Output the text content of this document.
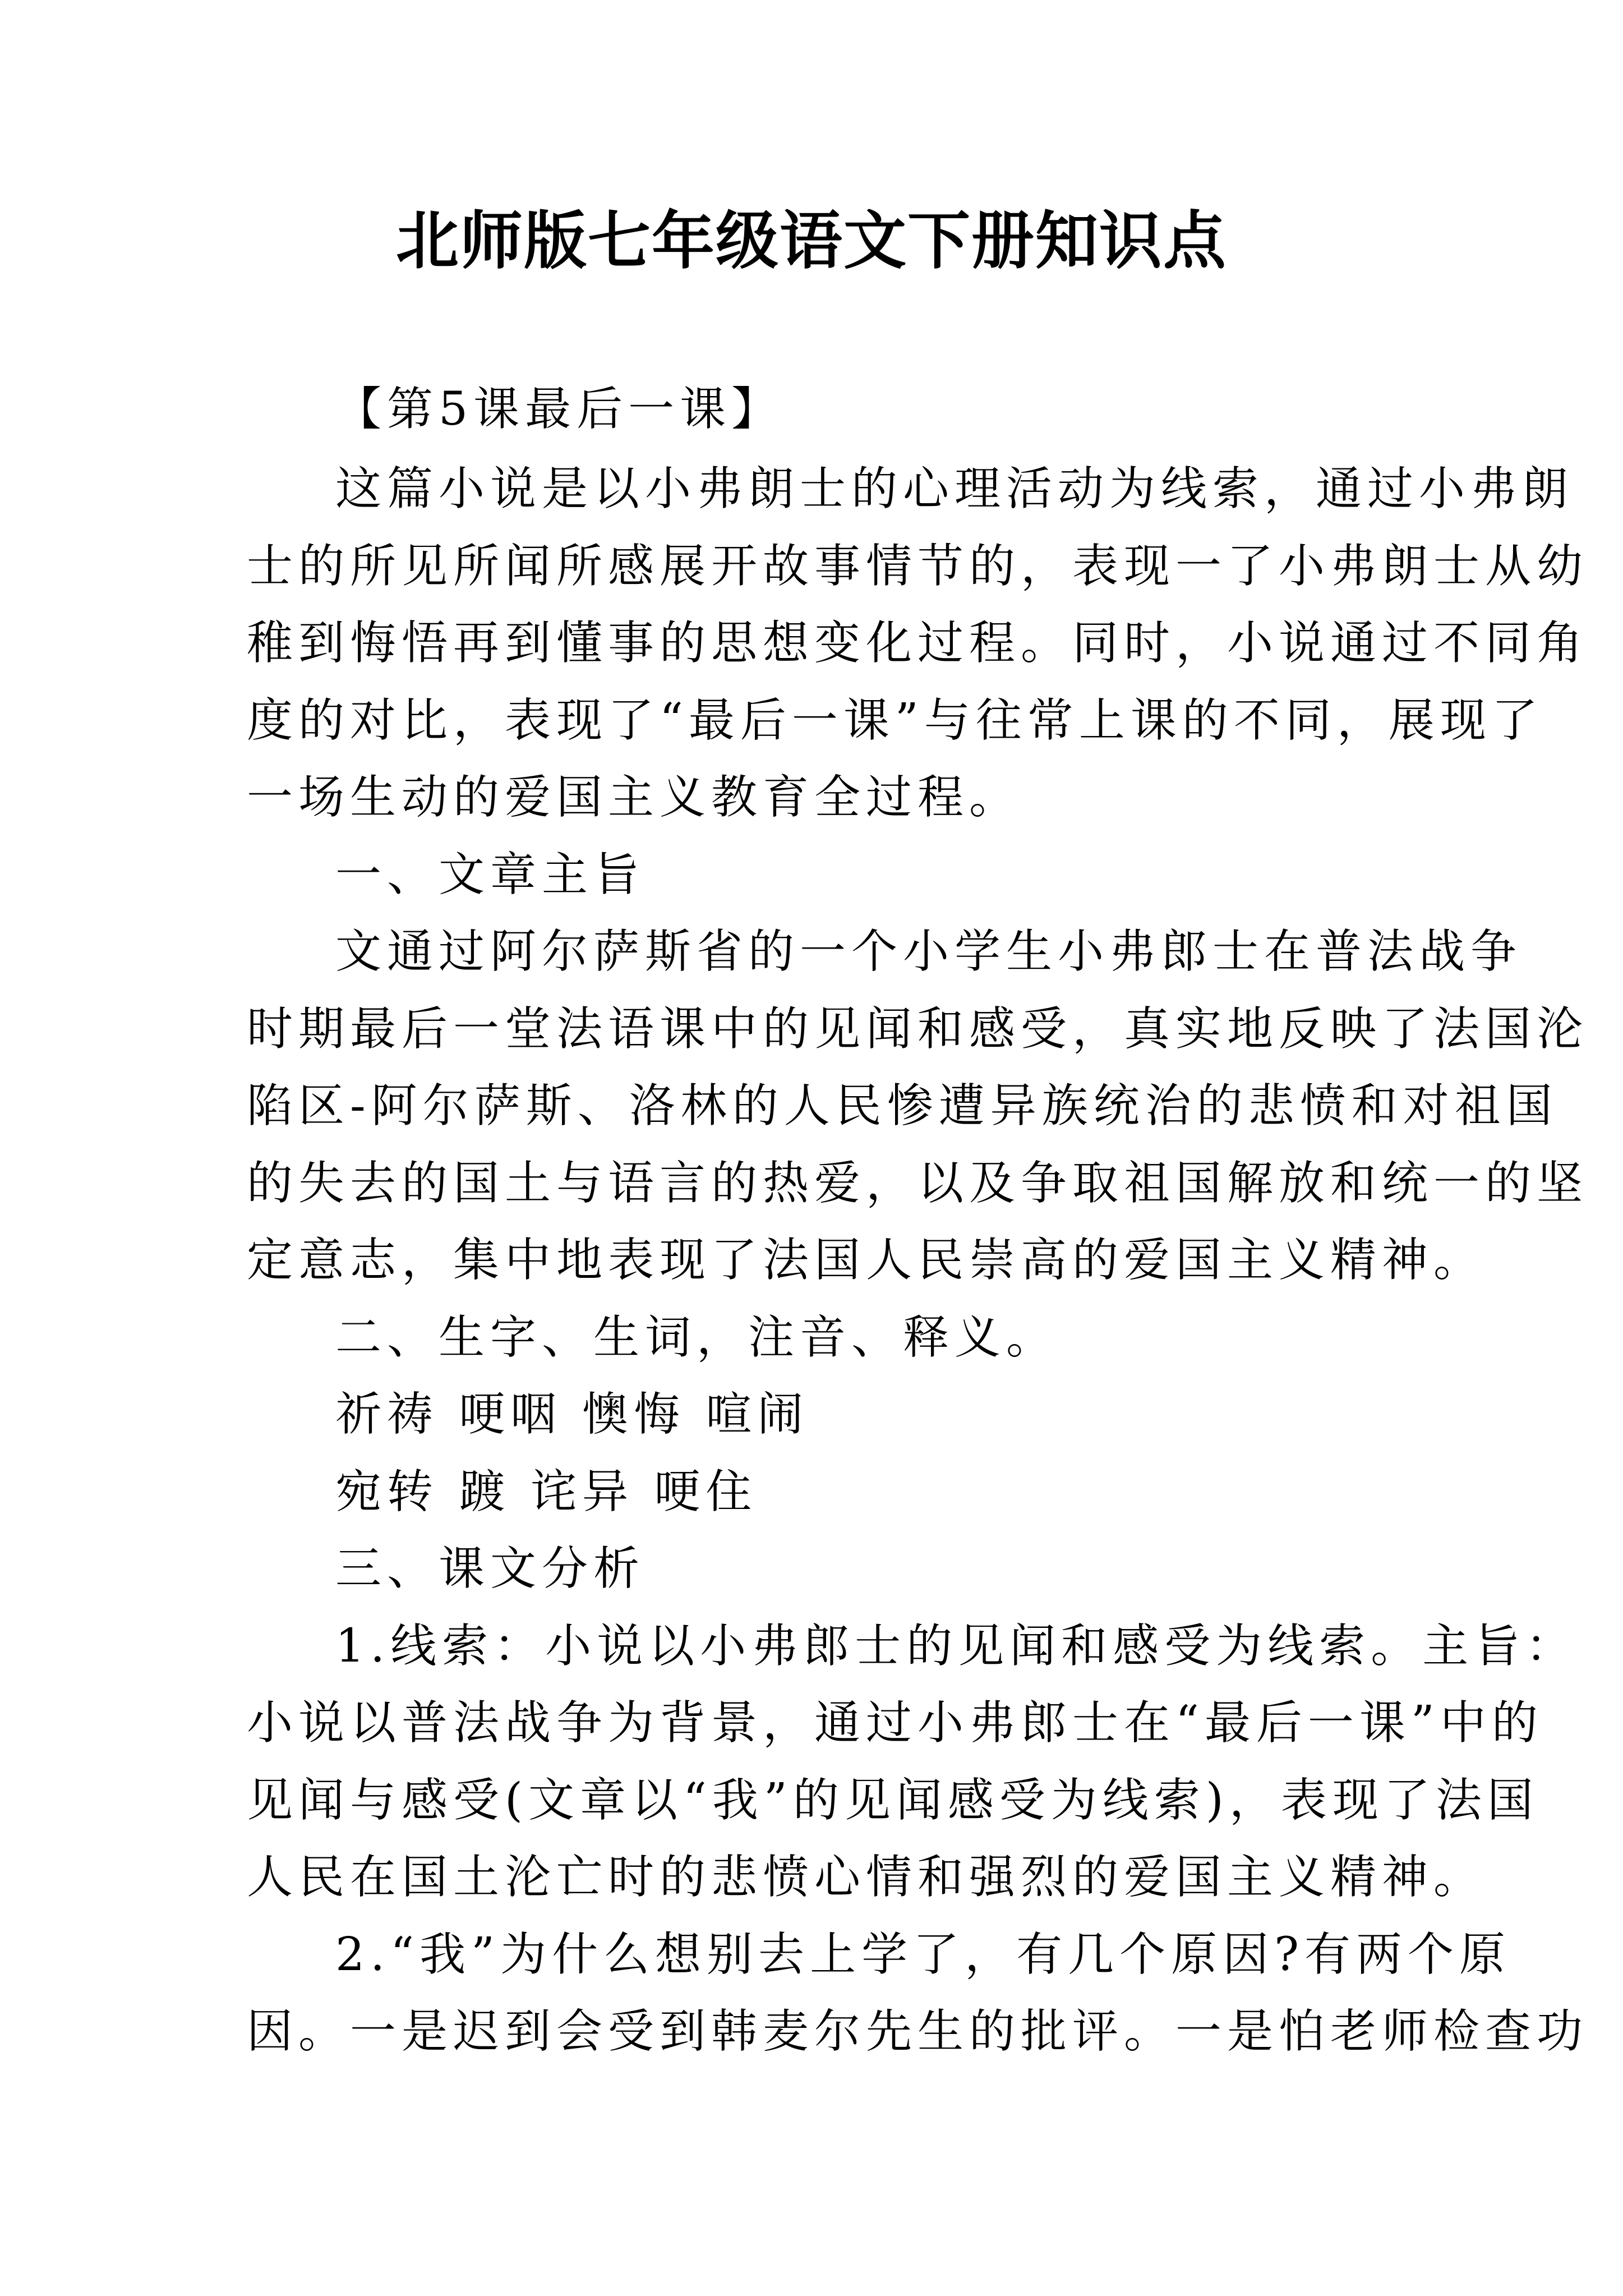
北师版七年级语文下册知识点
【第5课最后一课】
这篇小说是以小弗朗士的心理活动为线索，通过小弗朗
士的所见所闻所感展开故事情节的，表现一了小弗朗士从幼
稚到悔悟再到懂事的思想变化过程。同时，小说通过不同角
度的对比，表现了“最后一课”与往常上课的不同，展现了
一场生动的爱国主义教育全过程。
一、文章主旨
文通过阿尔萨斯省的一个小学生小弗郎士在普法战争
时期最后一堂法语课中的见闻和感受，真实地反映了法国沦
陷区-阿尔萨斯、洛林的人民惨遭异族统治的悲愤和对祖国
的失去的国土与语言的热爱，以及争取祖国解放和统一的坚
定意志，集中地表现了法国人民崇高的爱国主义精神。
二、生字、生词，注音、释义。
祈祷 哽咽 懊悔 喧闹
宛转 踱 诧异 哽住
三、课文分析
1.线索：小说以小弗郎士的见闻和感受为线索。主旨：
小说以普法战争为背景，通过小弗郎士在“最后一课”中的
见闻与感受(文章以“我”的见闻感受为线索)，表现了法国
人民在国土沦亡时的悲愤心情和强烈的爱国主义精神。
2.“我”为什么想别去上学了，有几个原因?有两个原
因。一是迟到会受到韩麦尔先生的批评。一是怕老师检查功
